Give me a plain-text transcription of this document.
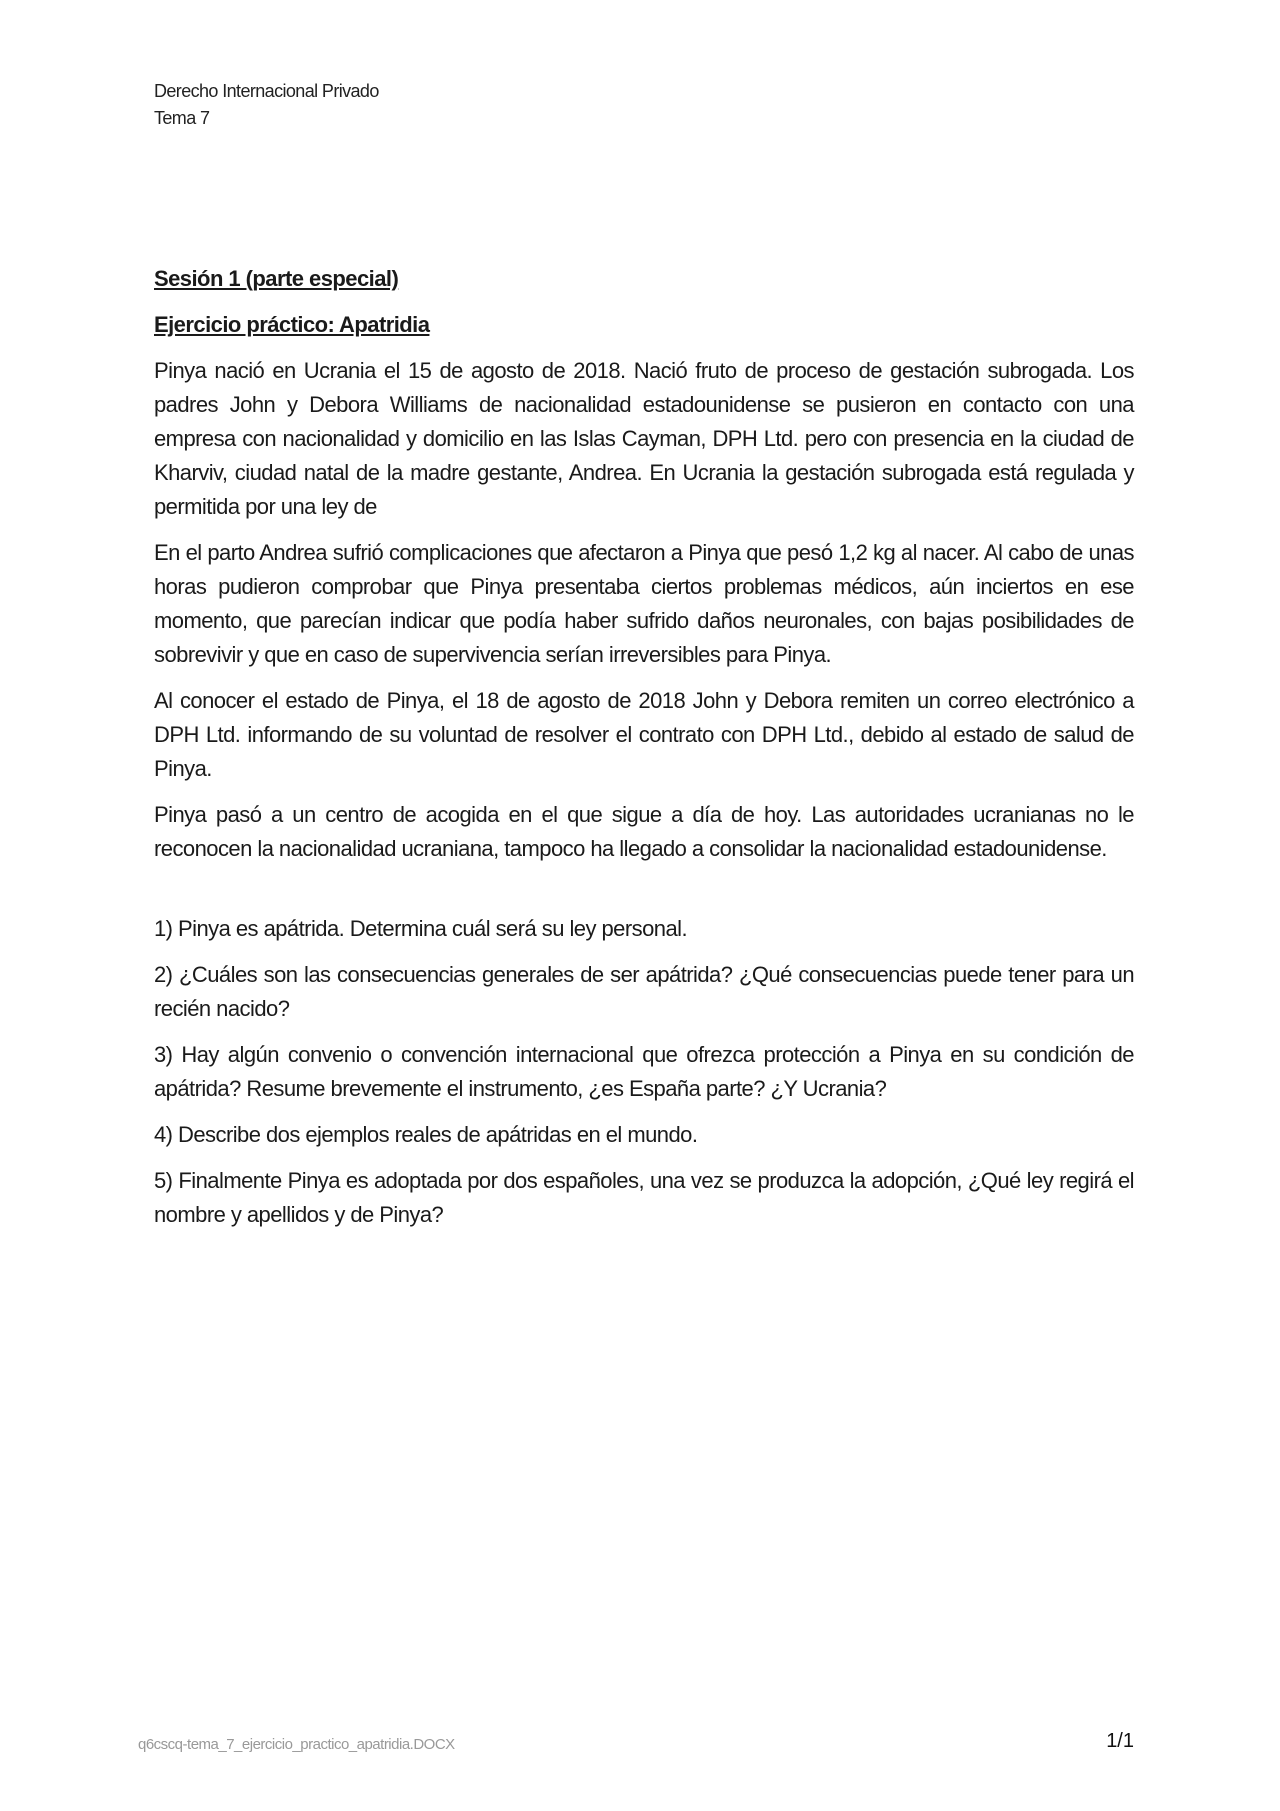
Derecho Internacional Privado
Tema 7
Sesión 1 (parte especial)
Ejercicio práctico: Apatridia

Pinya nació en Ucrania el 15 de agosto de 2018. Nació fruto de proceso de gestación subrogada. Los padres John y Debora Williams de nacionalidad estadounidense se pusieron en contacto con una empresa con nacionalidad y domicilio en las Islas Cayman, DPH Ltd. pero con presencia en la ciudad de Kharviv, ciudad natal de la madre gestante, Andrea. En Ucrania la gestación subrogada está regulada y permitida por una ley de

En el parto Andrea sufrió complicaciones que afectaron a Pinya que pesó 1,2 kg al nacer. Al cabo de unas horas pudieron comprobar que Pinya presentaba ciertos problemas médicos, aún inciertos en ese momento, que parecían indicar que podía haber sufrido daños neuronales, con bajas posibilidades de sobrevivir y que en caso de supervivencia serían irreversibles para Pinya.

Al conocer el estado de Pinya, el 18 de agosto de 2018 John y Debora remiten un correo electrónico a DPH Ltd. informando de su voluntad de resolver el contrato con DPH Ltd., debido al estado de salud de Pinya.

Pinya pasó a un centro de acogida en el que sigue a día de hoy. Las autoridades ucranianas no le reconocen la nacionalidad ucraniana, tampoco ha llegado a consolidar la nacionalidad estadounidense.

1) Pinya es apátrida. Determina cuál será su ley personal.

2) ¿Cuáles son las consecuencias generales de ser apátrida? ¿Qué consecuencias puede tener para un recién nacido?

3) Hay algún convenio o convención internacional que ofrezca protección a Pinya en su condición de apátrida? Resume brevemente el instrumento, ¿es España parte? ¿Y Ucrania?

4) Describe dos ejemplos reales de apátridas en el mundo.

5) Finalmente Pinya es adoptada por dos españoles, una vez se produzca la adopción, ¿Qué ley regirá el nombre y apellidos y de Pinya?

q6cscq-tema_7_ejercicio_practico_apatridia.DOCX	1/1
